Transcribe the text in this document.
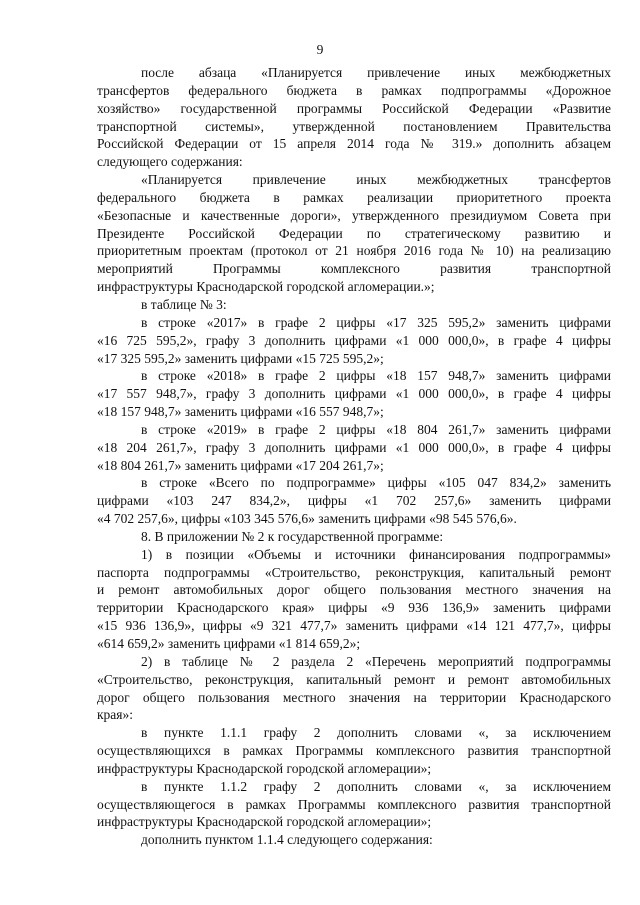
9
после абзаца «Планируется привлечение иных межбюджетных
трансфертов федерального бюджета в рамках подпрограммы «Дорожное
хозяйство» государственной программы Российской Федерации «Развитие
транспортной системы», утвержденной постановлением Правительства
Российской Федерации от 15 апреля 2014 года № 319.» дополнить абзацем
следующего содержания:
«Планируется привлечение иных межбюджетных трансфертов
федерального бюджета в рамках реализации приоритетного проекта
«Безопасные и качественные дороги», утвержденного президиумом Совета при
Президенте Российской Федерации по стратегическому развитию и
приоритетным проектам (протокол от 21 ноября 2016 года № 10) на реализацию
мероприятий Программы комплексного развития транспортной
инфраструктуры Краснодарской городской агломерации.»;
в таблице № 3:
в строке «2017» в графе 2 цифры «17 325 595,2» заменить цифрами
«16 725 595,2», графу 3 дополнить цифрами «1 000 000,0», в графе 4 цифры
«17 325 595,2» заменить цифрами «15 725 595,2»;
в строке «2018» в графе 2 цифры «18 157 948,7» заменить цифрами
«17 557 948,7», графу 3 дополнить цифрами «1 000 000,0», в графе 4 цифры
«18 157 948,7» заменить цифрами «16 557 948,7»;
в строке «2019» в графе 2 цифры «18 804 261,7» заменить цифрами
«18 204 261,7», графу 3 дополнить цифрами «1 000 000,0», в графе 4 цифры
«18 804 261,7» заменить цифрами «17 204 261,7»;
в строке «Всего по подпрограмме» цифры «105 047 834,2» заменить
цифрами «103 247 834,2», цифры «1 702 257,6» заменить цифрами
«4 702 257,6», цифры «103 345 576,6» заменить цифрами «98 545 576,6».
8. В приложении № 2 к государственной программе:
1) в позиции «Объемы и источники финансирования подпрограммы»
паспорта подпрограммы «Строительство, реконструкция, капитальный ремонт
и ремонт автомобильных дорог общего пользования местного значения на
территории Краснодарского края» цифры «9 936 136,9» заменить цифрами
«15 936 136,9», цифры «9 321 477,7» заменить цифрами «14 121 477,7», цифры
«614 659,2» заменить цифрами «1 814 659,2»;
2) в таблице № 2 раздела 2 «Перечень мероприятий подпрограммы
«Строительство, реконструкция, капитальный ремонт и ремонт автомобильных
дорог общего пользования местного значения на территории Краснодарского
края»:
в пункте 1.1.1 графу 2 дополнить словами «, за исключением
осуществляющихся в рамках Программы комплексного развития транспортной
инфраструктуры Краснодарской городской агломерации»;
в пункте 1.1.2 графу 2 дополнить словами «, за исключением
осуществляющегося в рамках Программы комплексного развития транспортной
инфраструктуры Краснодарской городской агломерации»;
дополнить пунктом 1.1.4 следующего содержания:
